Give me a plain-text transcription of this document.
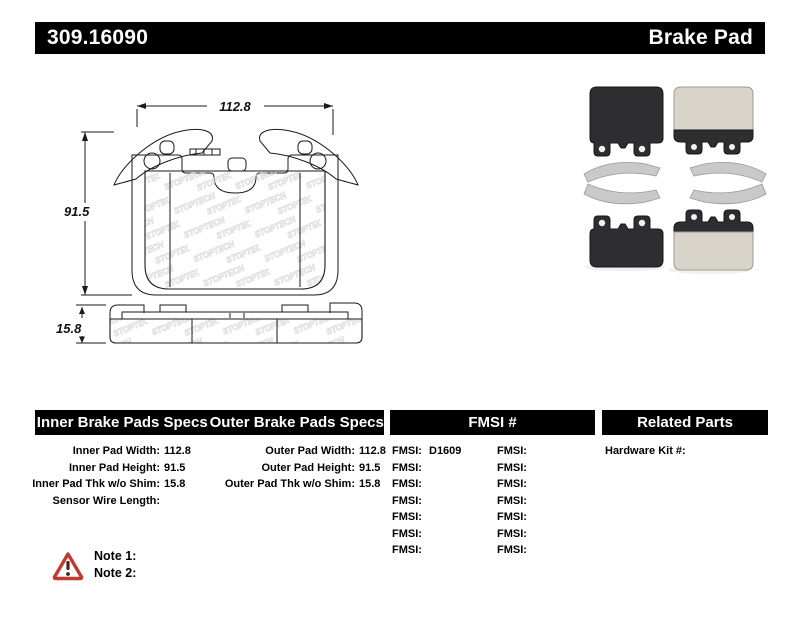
309.16090	Brake Pad
112.8
91.5
15.8
Inner Brake Pads Specs Outer Brake Pads Specs	FMSI #	Related Parts
Inner Pad Width: 112.8
Inner Pad Height: 91.5
Inner Pad Thk w/o Shim: 15.8
Sensor Wire Length:
Outer Pad Width: 112.8
Outer Pad Height: 91.5
Outer Pad Thk w/o Shim: 15.8
FMSI: D1609
FMSI:
FMSI:
FMSI:
FMSI:
FMSI:
FMSI:
FMSI:
FMSI:
FMSI:
FMSI:
FMSI:
FMSI:
FMSI:
Hardware Kit #:
Note 1:
Note 2:
